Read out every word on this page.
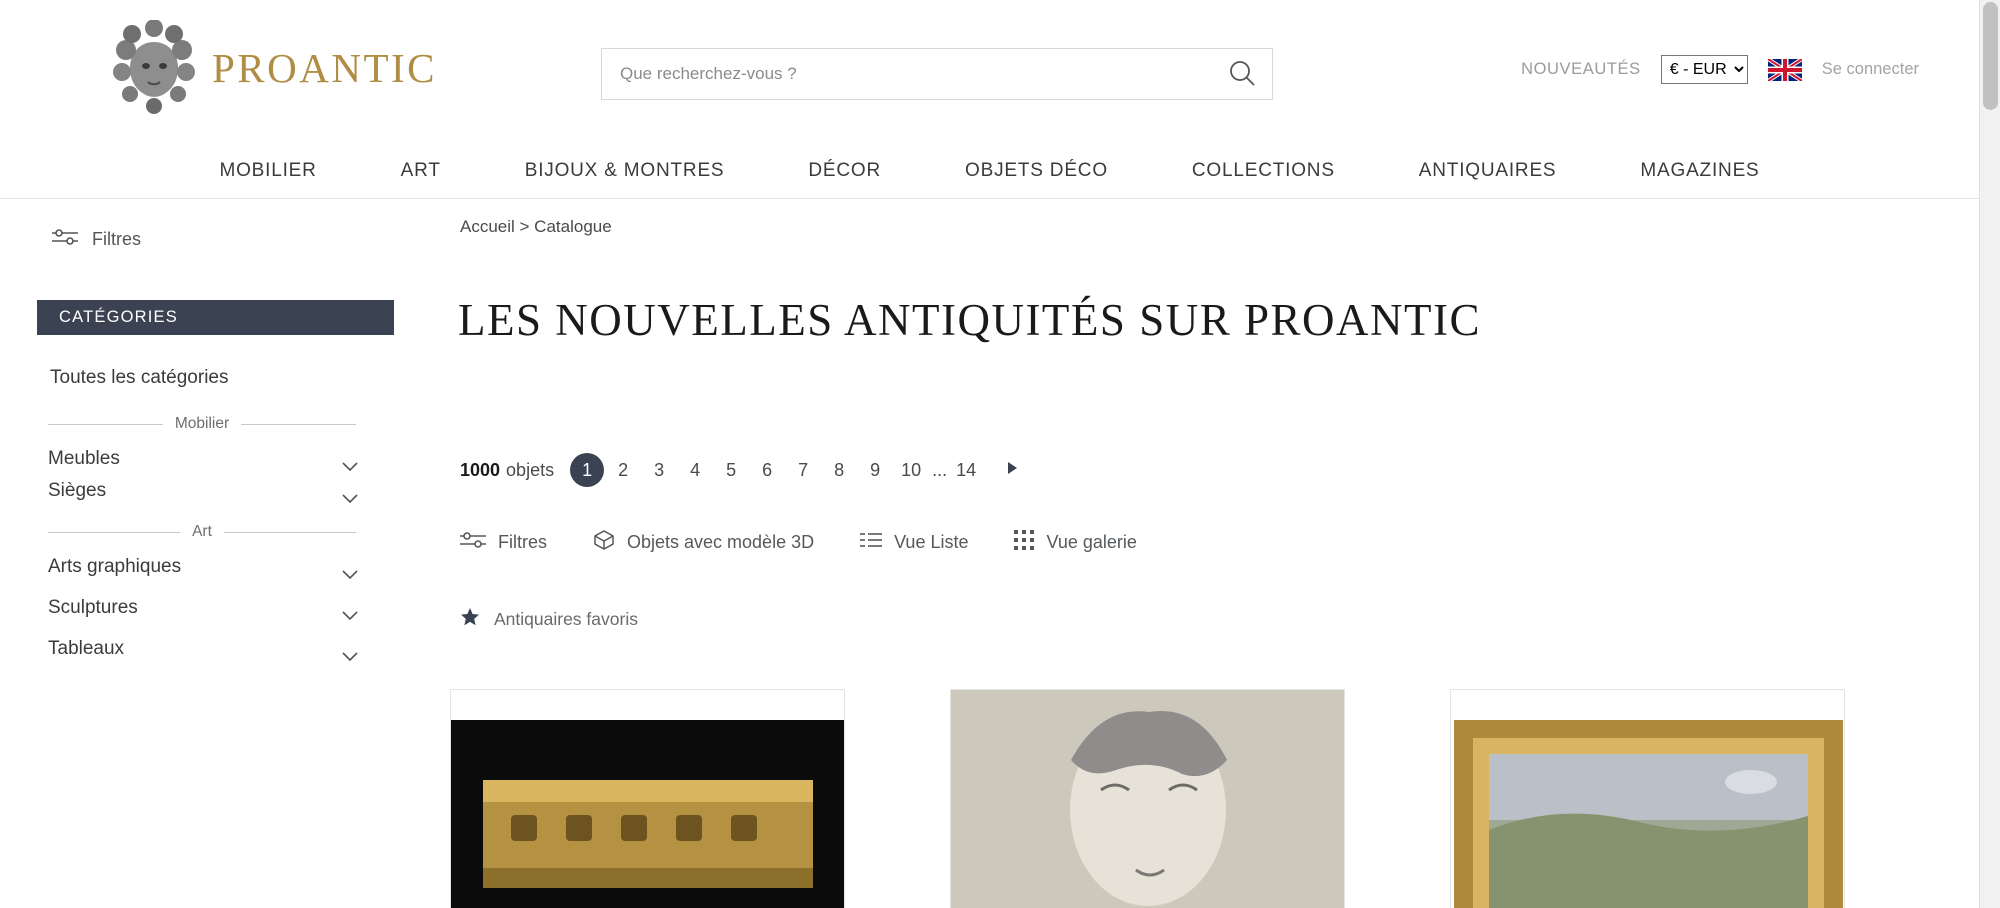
PROANTIC
Que recherchez-vous ?	NOUVEAUTÉS
€ - EUR	Se connecter
MOBILIER	ART	BIJOUX & MONTRES	DÉCOR	OBJETS DÉCO	COLLECTIONS	ANTIQUAIRES	MAGAZINES
Filtres
CATÉGORIES
Toutes les catégories
Mobilier
Meubles
Sièges
Art
Arts graphiques
Sculptures
Tableaux
Accueil > Catalogue
LES NOUVELLES ANTIQUITÉS SUR PROANTIC
1000 objets	1	2	3	4	5	6	7	8	9	10 ... 14
Filtres	Objets avec modèle 3D	Vue Liste	Vue galerie
Antiquaires favoris
